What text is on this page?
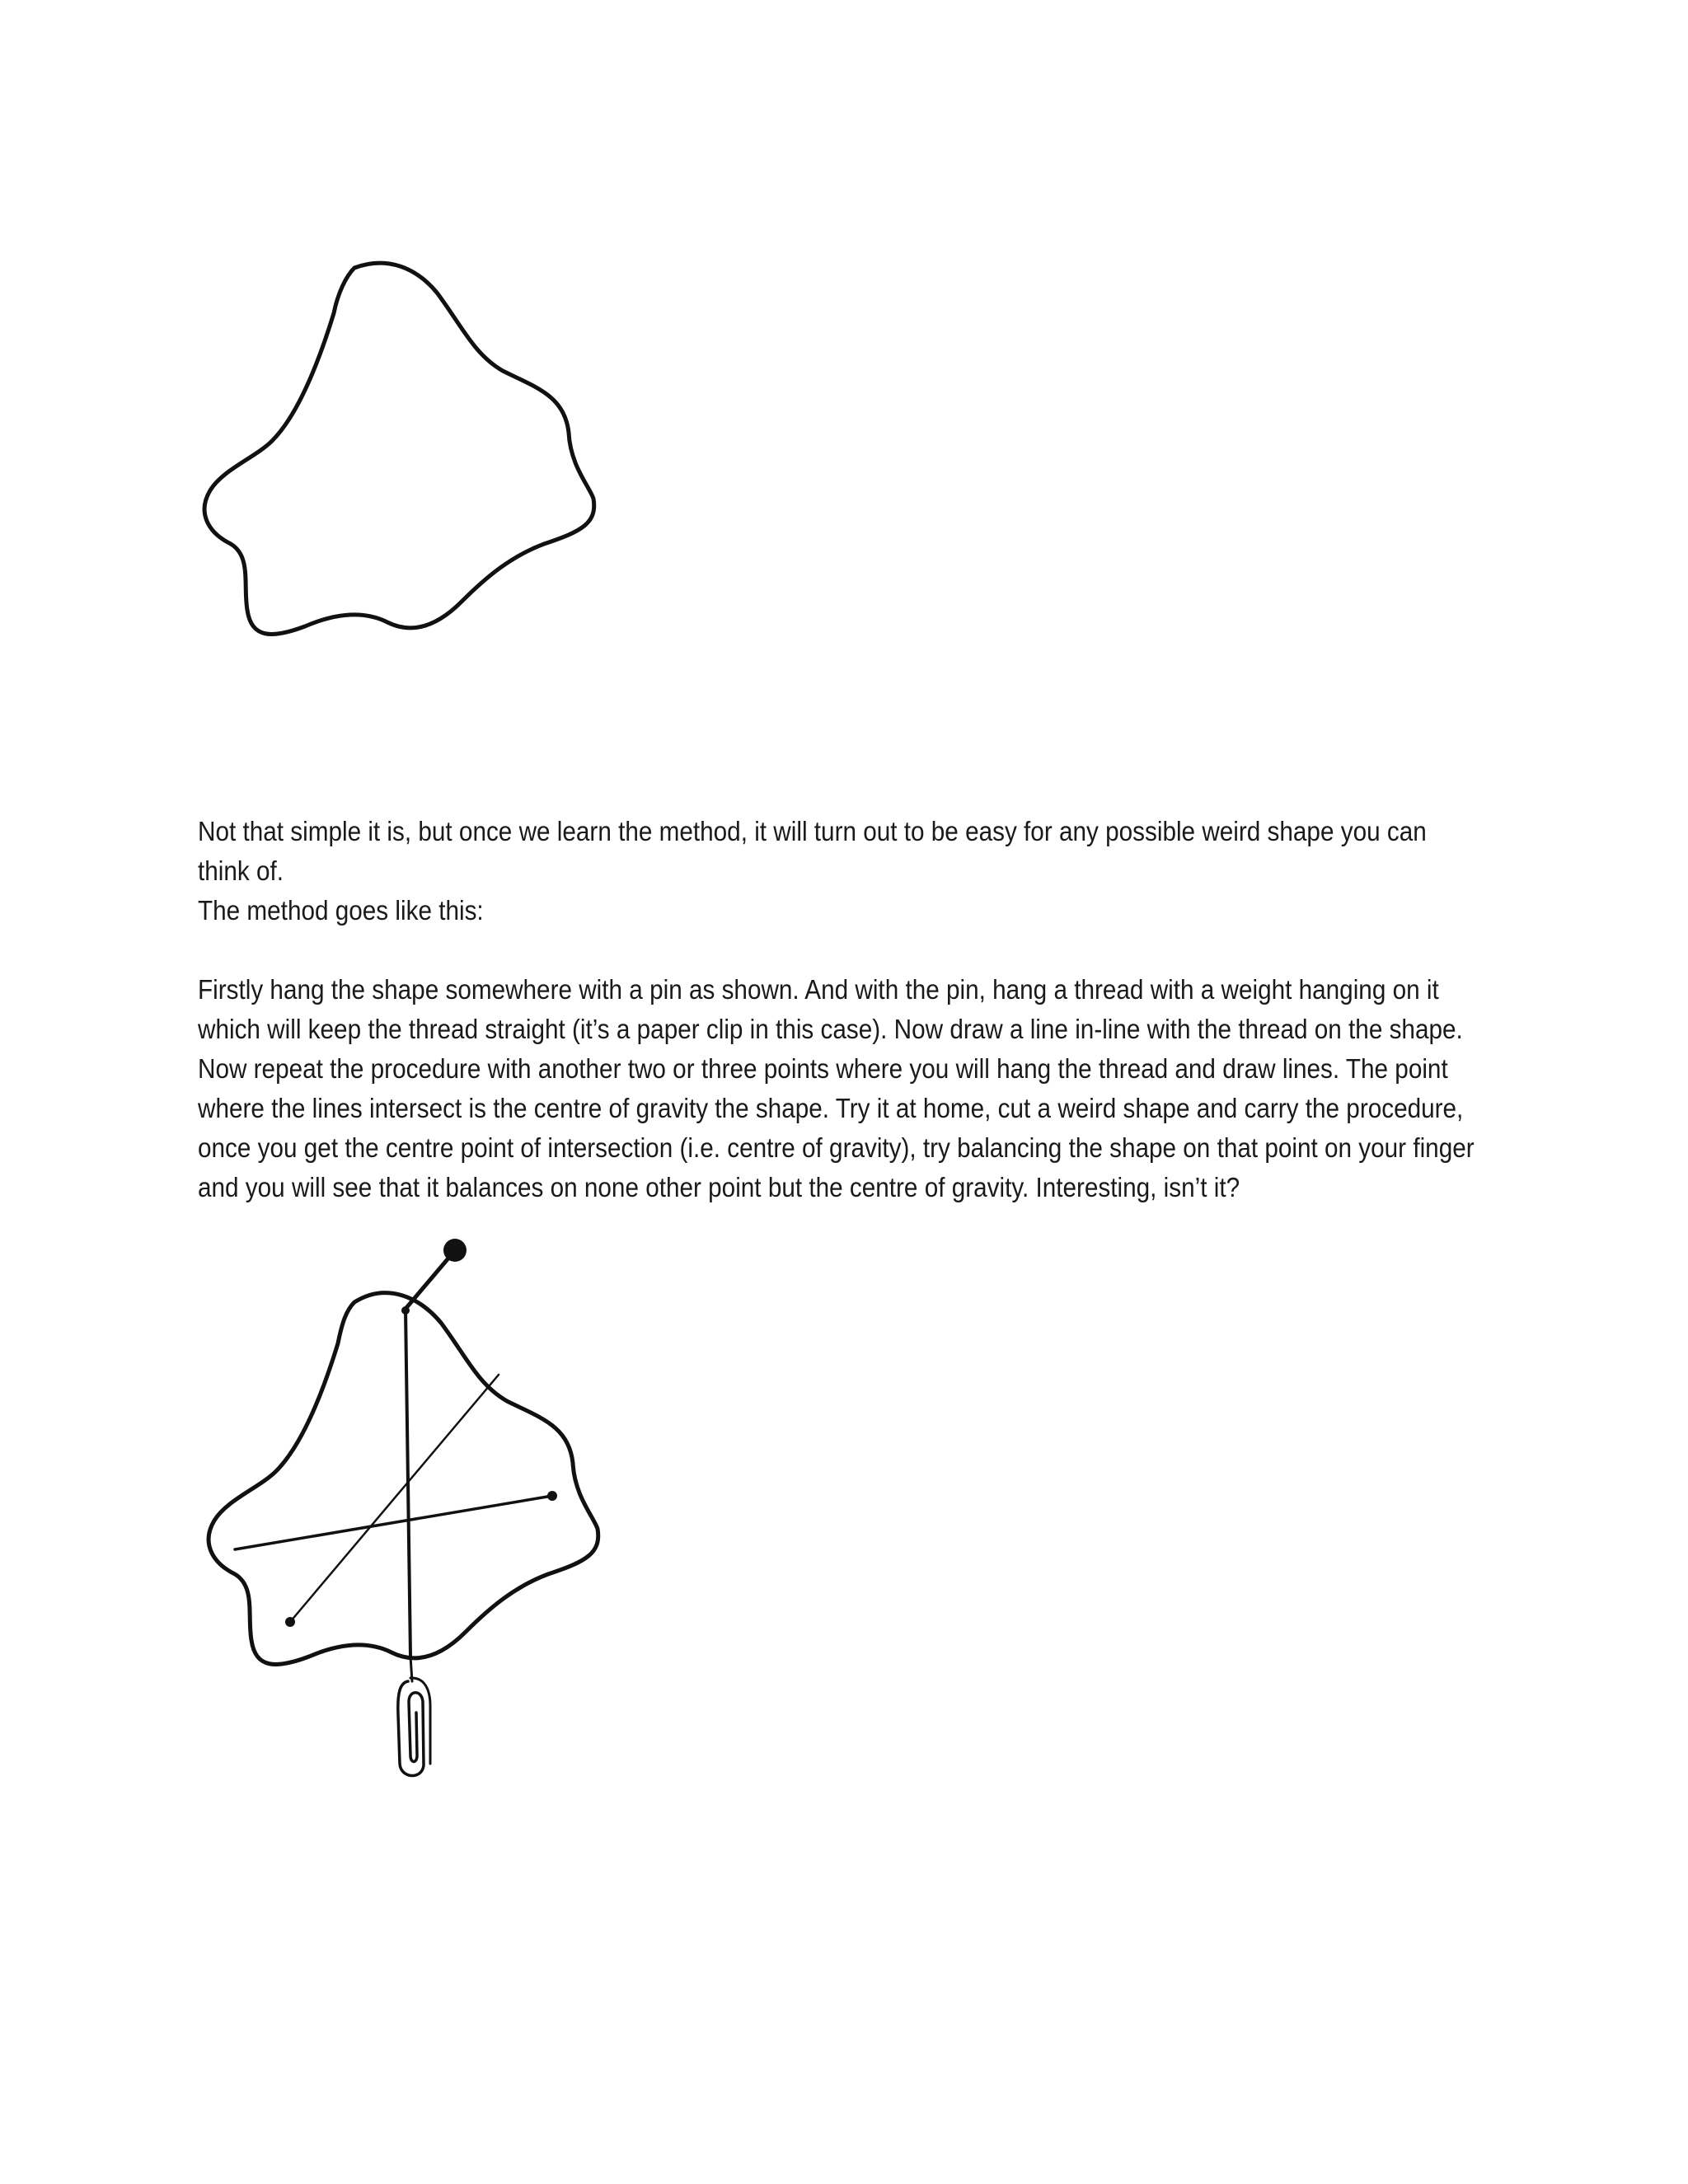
Not that simple it is, but once we learn the method, it will turn out to be easy for any possible weird shape you can

think of.

The method goes like this:

Firstly hang the shape somewhere with a pin as shown. And with the pin, hang a thread with a weight hanging on it which will keep the thread straight (it’s a paper clip in this case). Now draw a line in-line with the thread on the shape. Now repeat the procedure with another two or three points where you will hang the thread and draw lines. The point where the lines intersect is the centre of gravity the shape. Try it at home, cut a weird shape and carry the procedure, once you get the centre point of intersection (i.e. centre of gravity), try balancing the shape on that point on your finger and you will see that it balances on none other point but the centre of gravity. Interesting, isn’t it?
